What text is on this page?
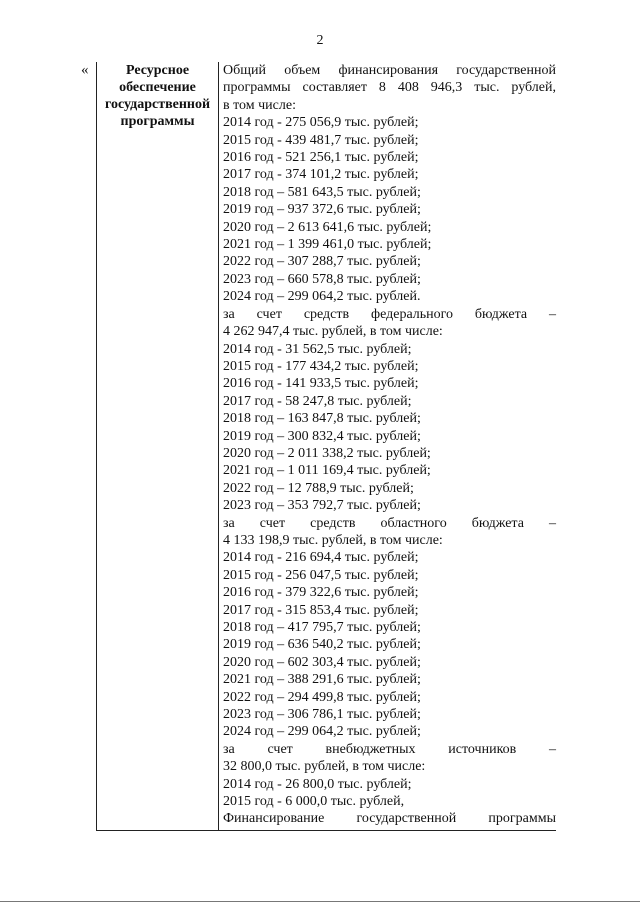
2
«	Ресурсное
обеспечение
государственной
программы

Общий объем финансирования государственной
программы составляет 8 408 946,3 тыс. рублей,
в том числе:
2014 год - 275 056,9 тыс. рублей;
2015 год - 439 481,7 тыс. рублей;
2016 год - 521 256,1 тыс. рублей;
2017 год - 374 101,2 тыс. рублей;
2018 год – 581 643,5 тыс. рублей;
2019 год – 937 372,6 тыс. рублей;
2020 год – 2 613 641,6 тыс. рублей;
2021 год – 1 399 461,0 тыс. рублей;
2022 год – 307 288,7 тыс. рублей;
2023 год – 660 578,8 тыс. рублей;
2024 год – 299 064,2 тыс. рублей.
за счет средств федерального бюджета –
4 262 947,4 тыс. рублей, в том числе:
2014 год - 31 562,5 тыс. рублей;
2015 год - 177 434,2 тыс. рублей;
2016 год - 141 933,5 тыс. рублей;
2017 год - 58 247,8 тыс. рублей;
2018 год – 163 847,8 тыс. рублей;
2019 год – 300 832,4 тыс. рублей;
2020 год – 2 011 338,2 тыс. рублей;
2021 год – 1 011 169,4 тыс. рублей;
2022 год – 12 788,9 тыс. рублей;
2023 год – 353 792,7 тыс. рублей;
за счет средств областного бюджета –
4 133 198,9 тыс. рублей, в том числе:
2014 год - 216 694,4 тыс. рублей;
2015 год - 256 047,5 тыс. рублей;
2016 год - 379 322,6 тыс. рублей;
2017 год - 315 853,4 тыс. рублей;
2018 год – 417 795,7 тыс. рублей;
2019 год – 636 540,2 тыс. рублей;
2020 год – 602 303,4 тыс. рублей;
2021 год – 388 291,6 тыс. рублей;
2022 год – 294 499,8 тыс. рублей;
2023 год – 306 786,1 тыс. рублей;
2024 год – 299 064,2 тыс. рублей;
за счет внебюджетных источников –
32 800,0 тыс. рублей, в том числе:
2014 год - 26 800,0 тыс. рублей;
2015 год - 6 000,0 тыс. рублей,
Финансирование государственной программы
